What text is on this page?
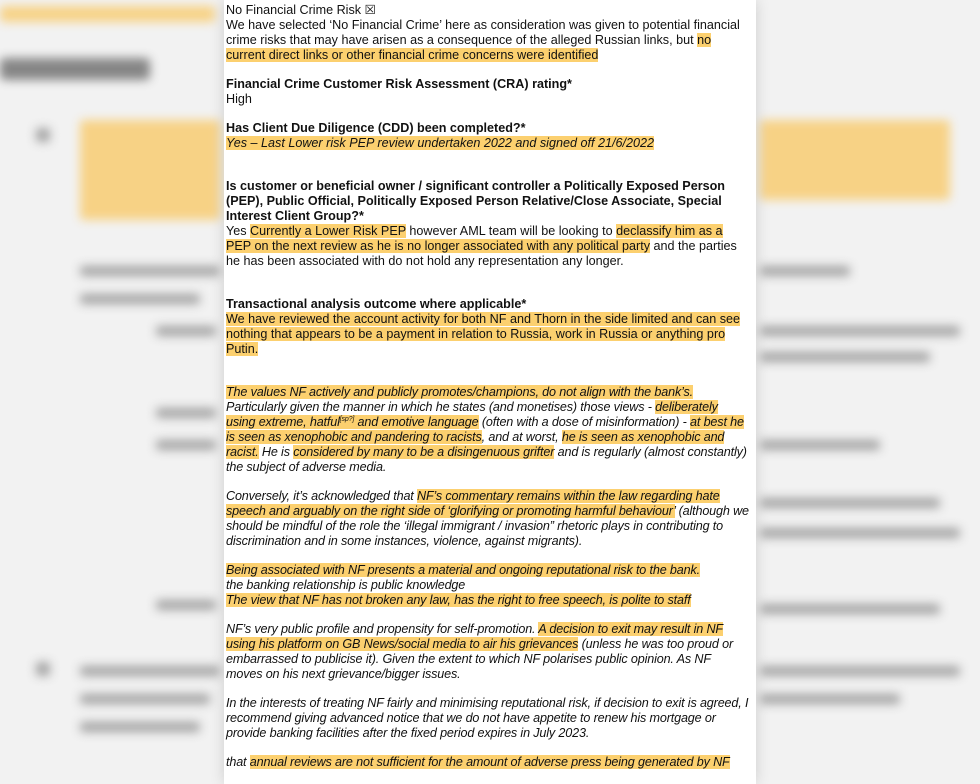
No Financial Crime Risk ☒

We have selected ‘No Financial Crime’ here as consideration was given to potential financial crime risks that may have arisen as a consequence of the alleged Russian links, but no current direct links or other financial crime concerns were identified

Financial Crime Customer Risk Assessment (CRA) rating*

High

Has Client Due Diligence (CDD) been completed?*

Yes – Last Lower risk PEP review undertaken 2022 and signed off 21/6/2022

Is customer or beneficial owner / significant controller a Politically Exposed Person (PEP), Public Official, Politically Exposed Person Relative/Close Associate, Special Interest Client Group?*

Yes Currently a Lower Risk PEP however AML team will be looking to declassify him as a PEP on the next review as he is no longer associated with any political party and the parties he has been associated with do not hold any representation any longer.

Transactional analysis outcome where applicable*

We have reviewed the account activity for both NF and Thorn in the side limited and can see nothing that appears to be a payment in relation to Russia, work in Russia or anything pro Putin.

The values NF actively and publicly promotes/champions, do not align with the bank’s.

Particularly given the manner in which he states (and monetises) those views - deliberately using extreme, hatful[sp?] and emotive language (often with a dose of misinformation) - at best he is seen as xenophobic and pandering to racists, and at worst, he is seen as xenophobic and racist. He is considered by many to be a disingenuous grifter and is regularly (almost constantly) the subject of adverse media.

Conversely, it’s acknowledged that NF’s commentary remains within the law regarding hate speech and arguably on the right side of ‘glorifying or promoting harmful behaviour’ (although we should be mindful of the role the ‘illegal immigrant / invasion” rhetoric plays in contributing to discrimination and in some instances, violence, against migrants).

Being associated with NF presents a material and ongoing reputational risk to the bank.

the banking relationship is public knowledge

The view that NF has not broken any law, has the right to free speech, is polite to staff

NF’s very public profile and propensity for self-promotion. A decision to exit may result in NF using his platform on GB News/social media to air his grievances (unless he was too proud or embarrassed to publicise it). Given the extent to which NF polarises public opinion. As NF moves on his next grievance/bigger issues.

In the interests of treating NF fairly and minimising reputational risk, if decision to exit is agreed, I recommend giving advanced notice that we do not have appetite to renew his mortgage or provide banking facilities after the fixed period expires in July 2023.

that annual reviews are not sufficient for the amount of adverse press being generated by NF
